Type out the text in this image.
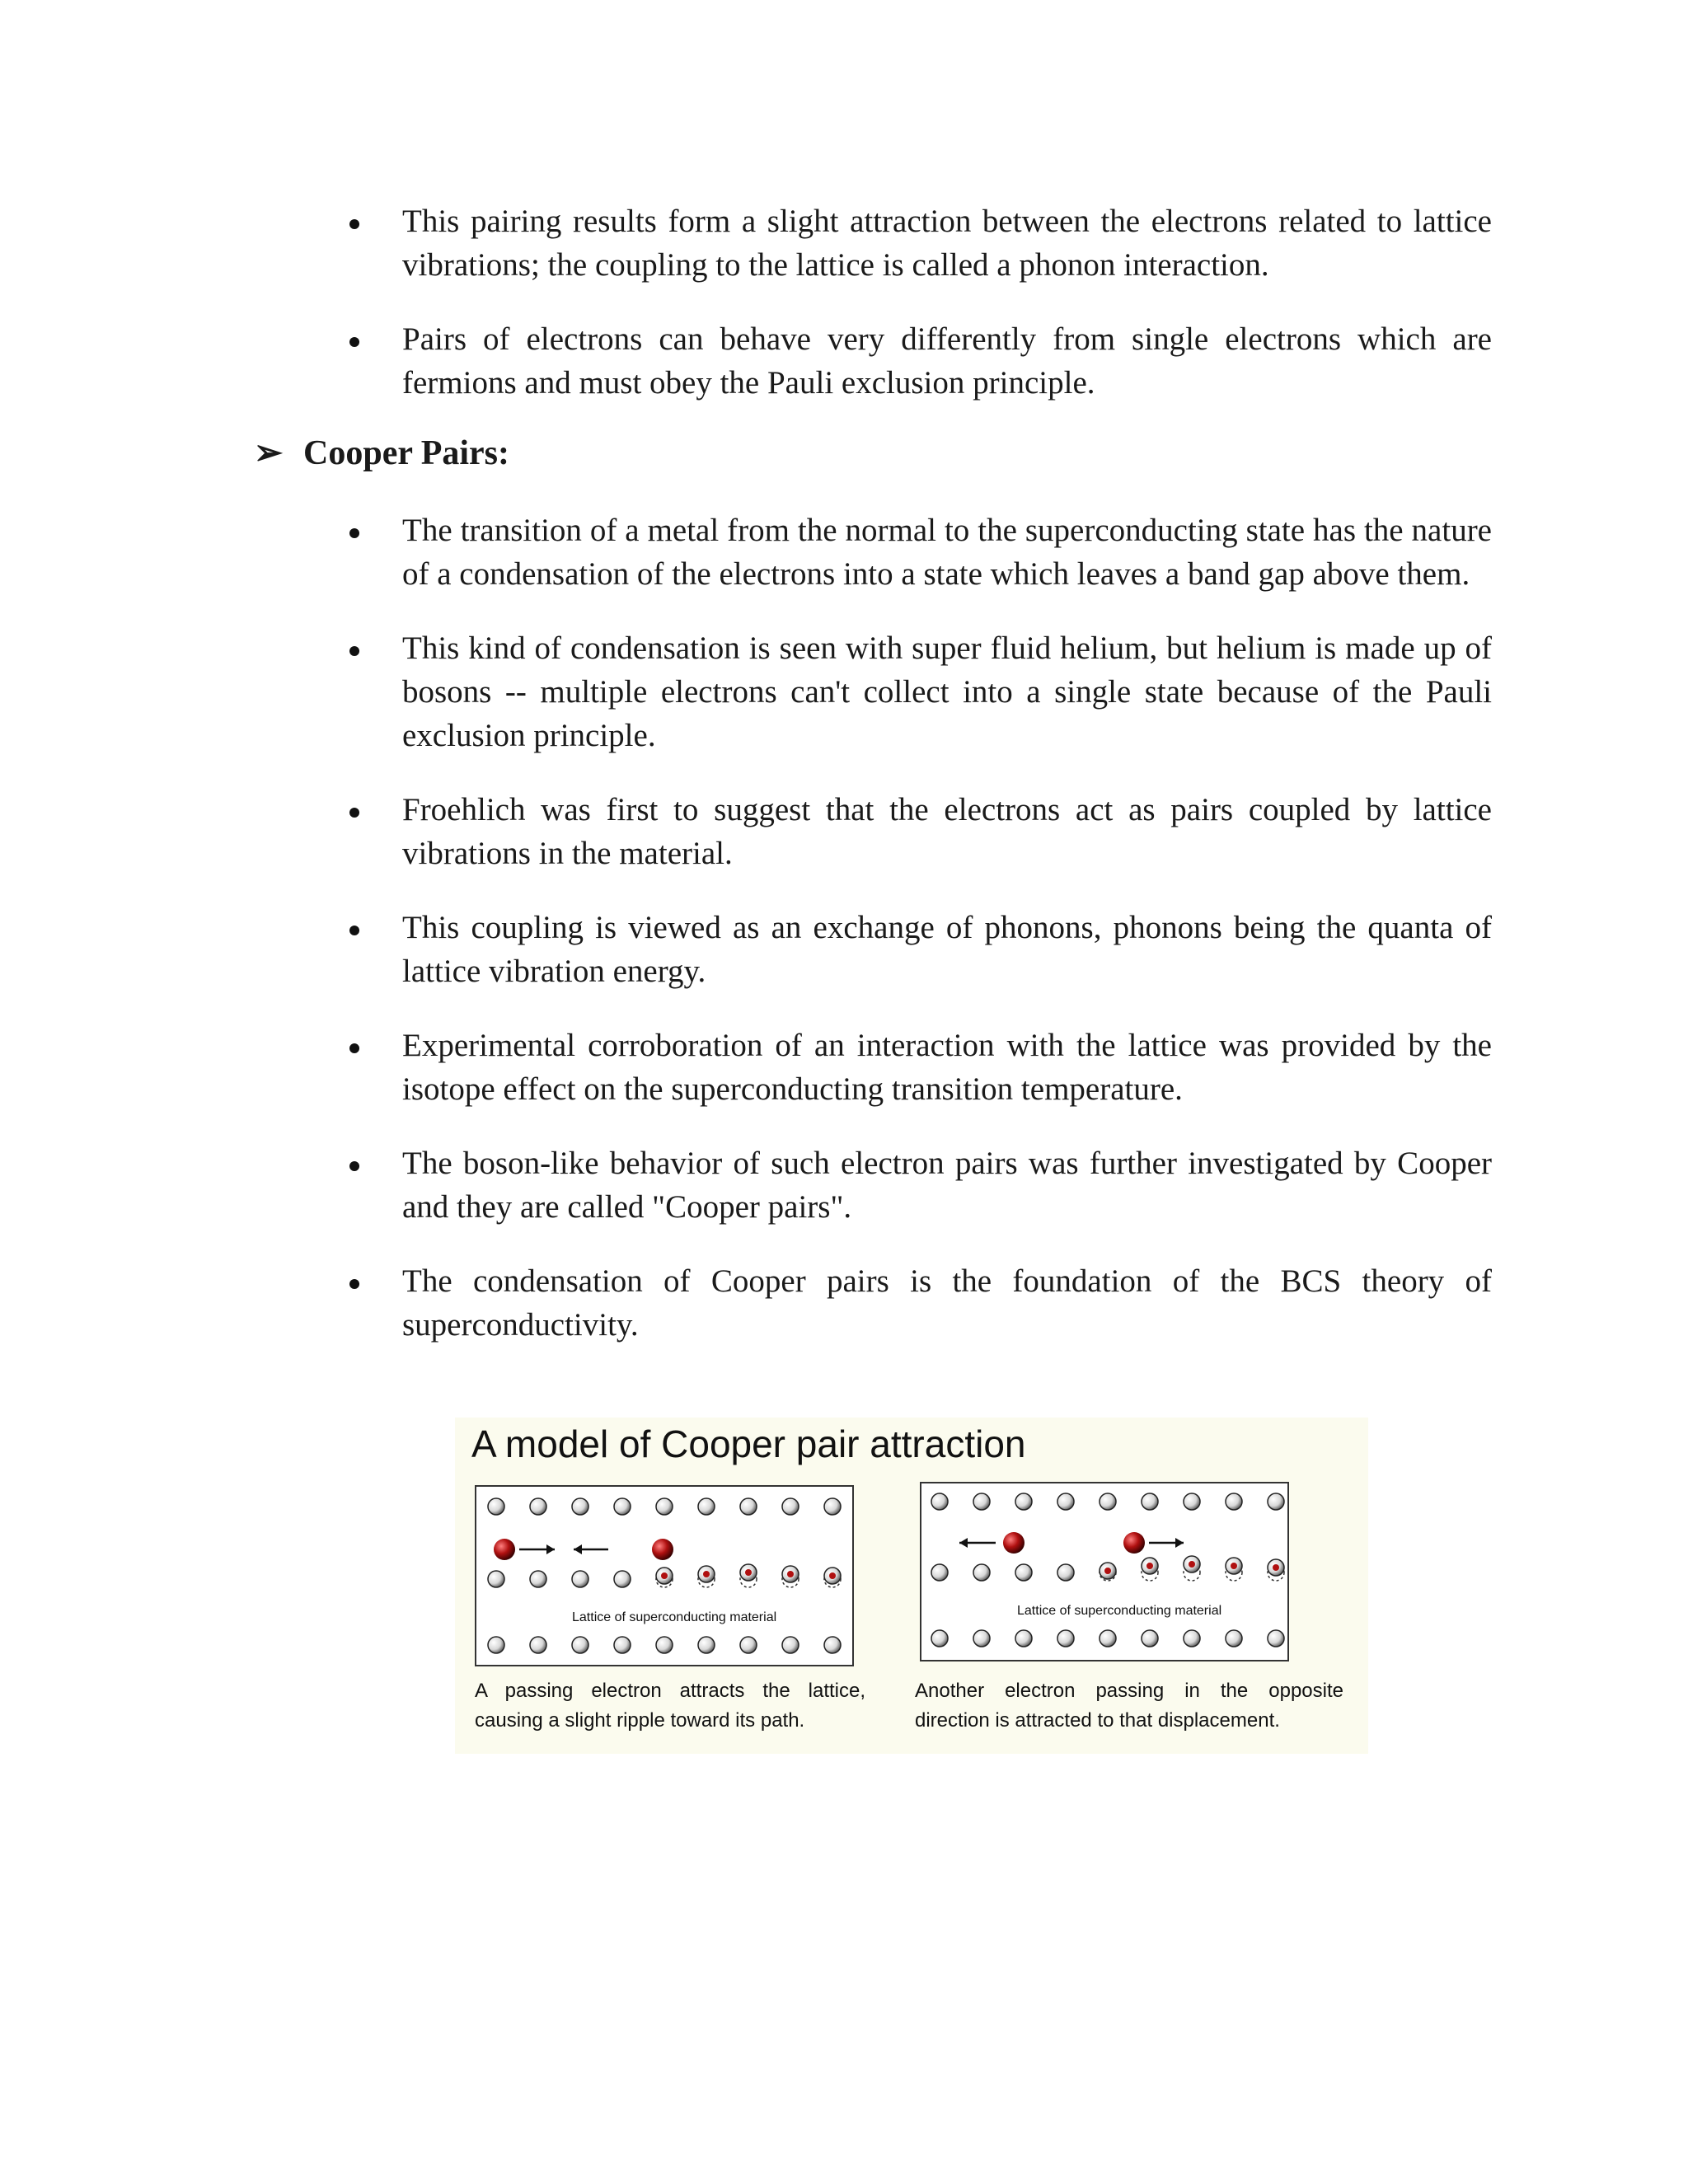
This pairing results form a slight attraction between the electrons related to lattice vibrations; the coupling to the lattice is called a phonon interaction.
Pairs of electrons can behave very differently from single electrons which are fermions and must obey the Pauli exclusion principle.
➢ Cooper Pairs:
The transition of a metal from the normal to the superconducting state has the nature of a condensation of the electrons into a state which leaves a band gap above them.
This kind of condensation is seen with super fluid helium, but helium is made up of bosons -- multiple electrons can't collect into a single state because of the Pauli exclusion principle.
Froehlich was first to suggest that the electrons act as pairs coupled by lattice vibrations in the material.
This coupling is viewed as an exchange of phonons, phonons being the quanta of lattice vibration energy.
Experimental corroboration of an interaction with the lattice was provided by the isotope effect on the superconducting transition temperature.
The boson-like behavior of such electron pairs was further investigated by Cooper and they are called "Cooper pairs".
The condensation of Cooper pairs is the foundation of the BCS theory of superconductivity.
A model of Cooper pair attraction
Lattice of superconducting material	Lattice of superconducting material
A passing electron attracts the lattice, causing a slight ripple toward its path.
Another electron passing in the opposite direction is attracted to that displacement.
